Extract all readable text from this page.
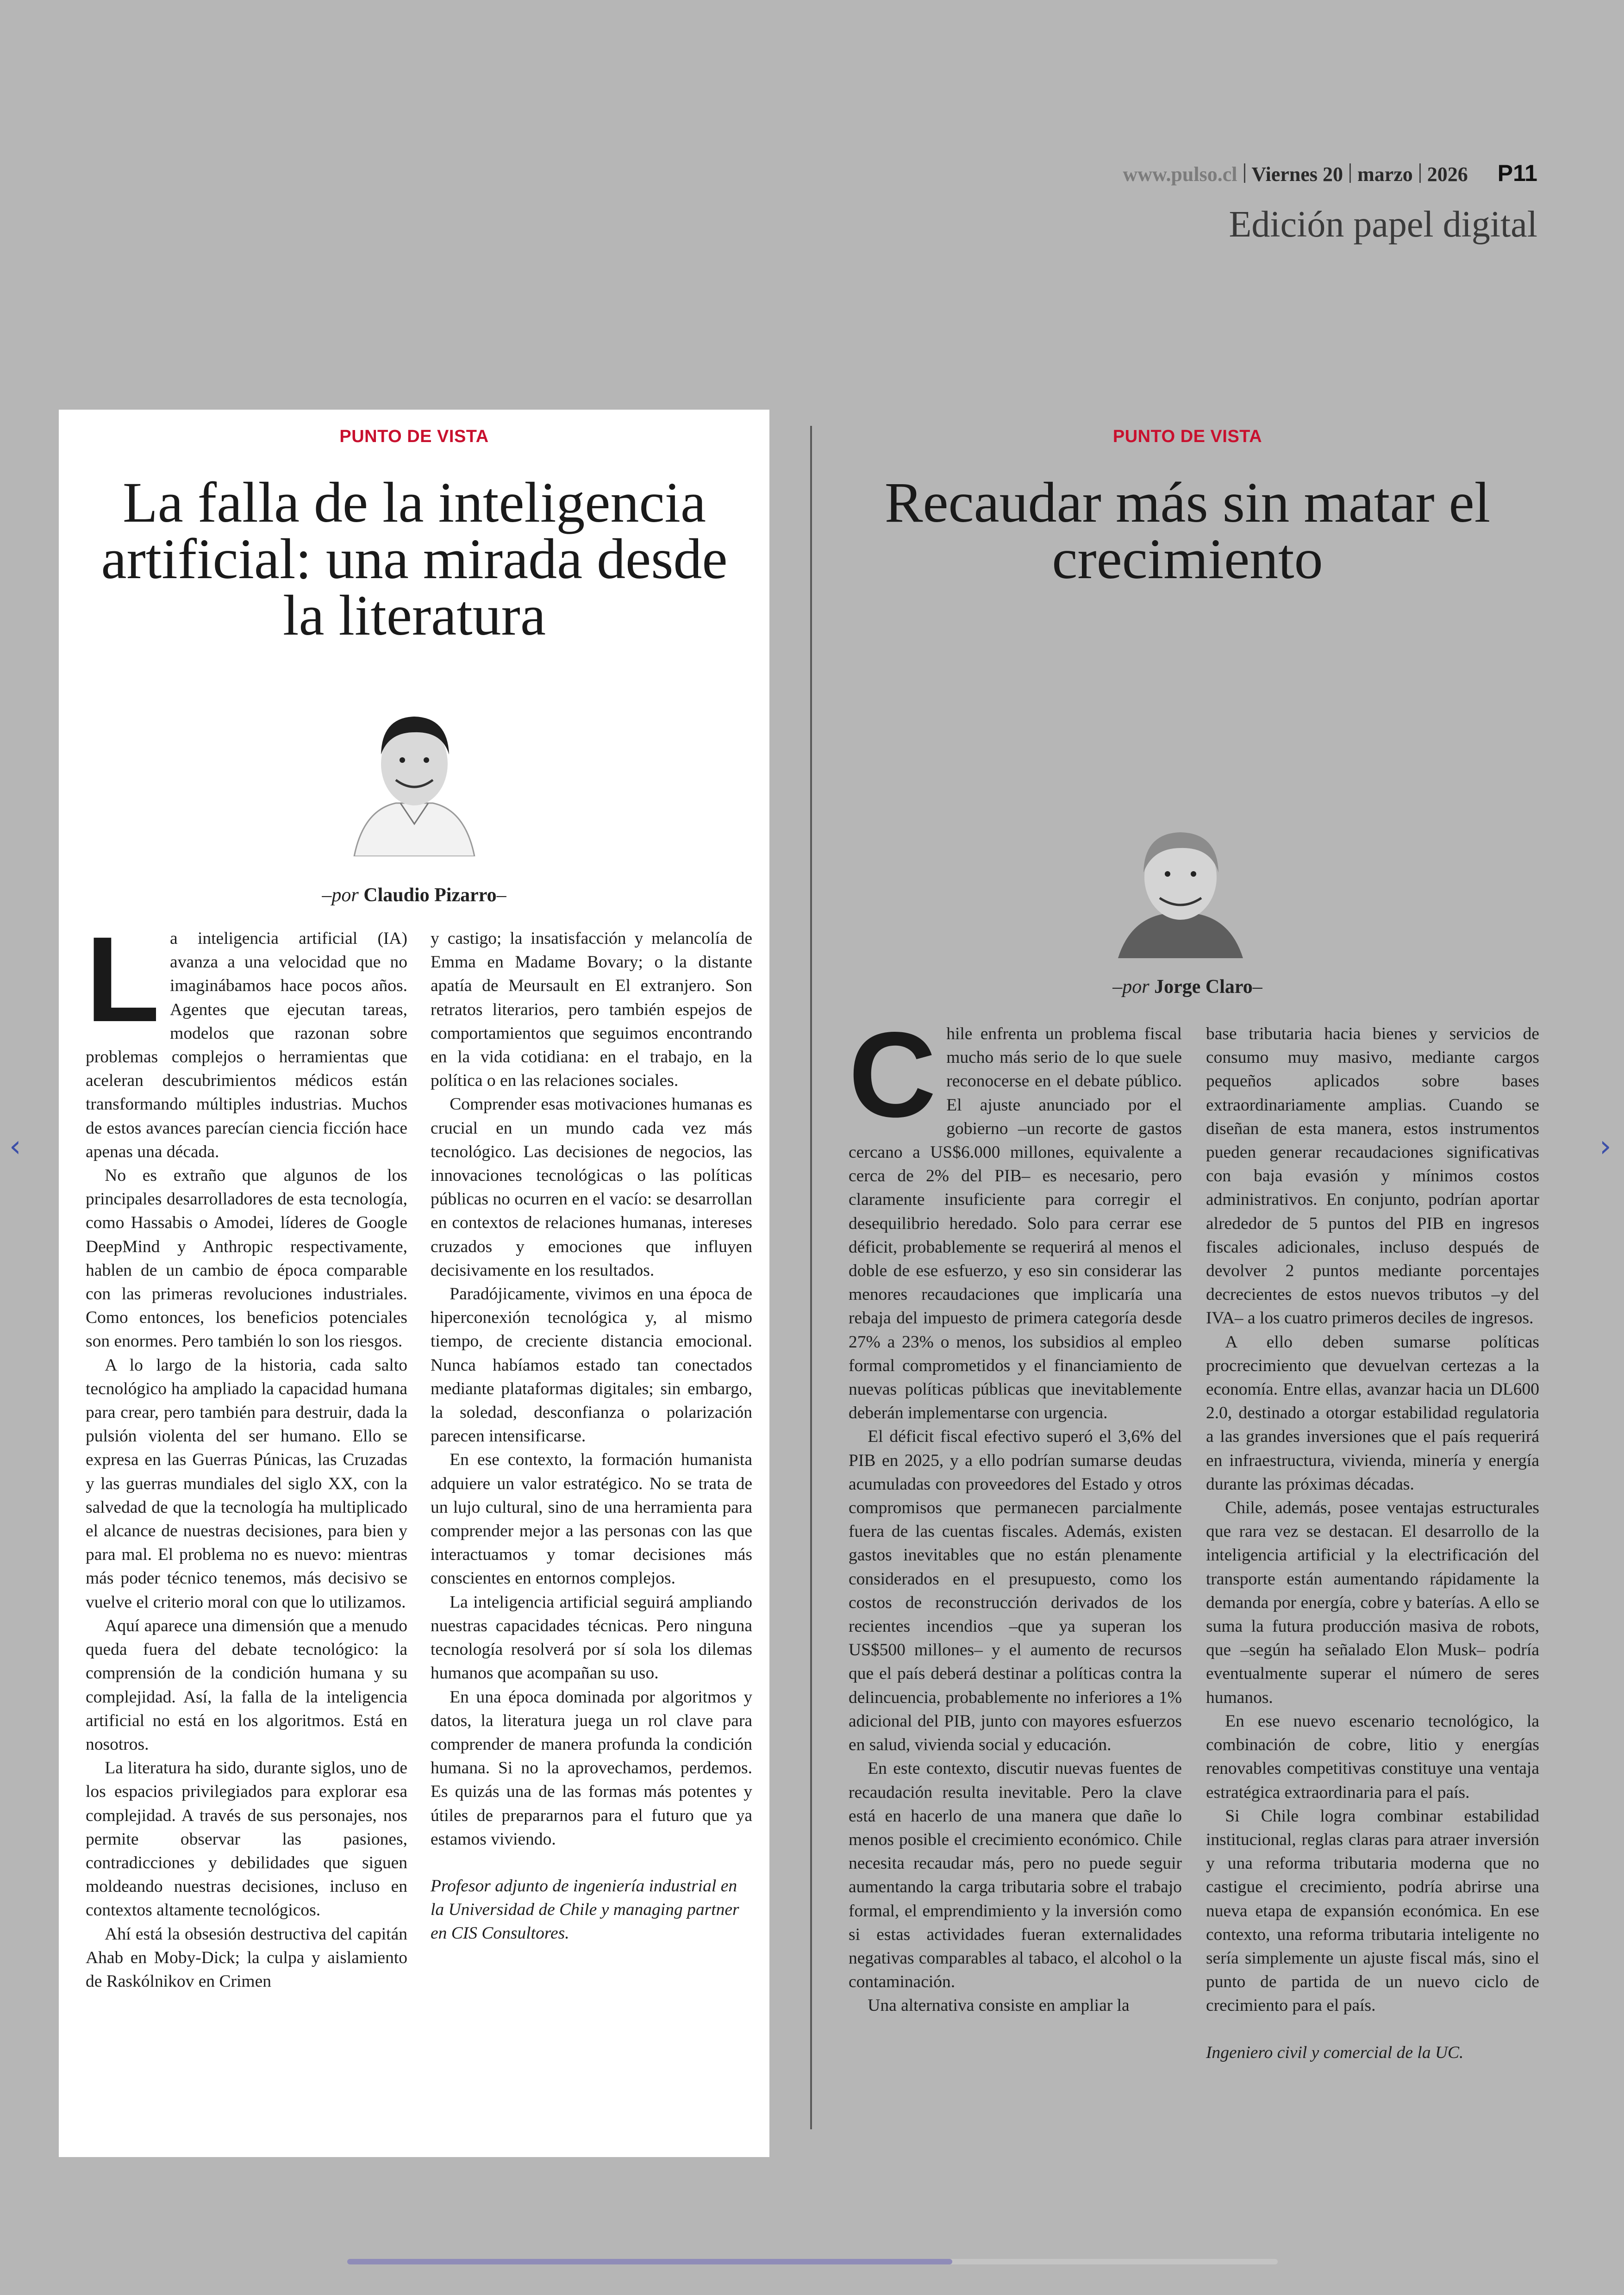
www.pulso.cl Viernes 20 marzo 2026 P11
Edición papel digital
PUNTO DE VISTA
La falla de la inteligencia artificial: una mirada desde la literatura
–por Claudio Pizarro–
L a inteligencia artificial (IA) avanza a una velocidad que no imaginábamos hace pocos años. Agentes que ejecutan tareas, modelos que razonan sobre problemas complejos o herramientas que aceleran descubrimientos médicos están transformando múltiples industrias. Muchos de estos avances parecían ciencia ficción hace apenas una década.

No es extraño que algunos de los principales desarrolladores de esta tecnología, como Hassabis o Amodei, líderes de Google DeepMind y Anthropic respectivamente, hablen de un cambio de época comparable con las primeras revoluciones industriales. Como entonces, los beneficios potenciales son enormes. Pero también lo son los riesgos.

A lo largo de la historia, cada salto tecnológico ha ampliado la capacidad humana para crear, pero también para destruir, dada la pulsión violenta del ser humano. Ello se expresa en las Guerras Púnicas, las Cruzadas y las guerras mundiales del siglo XX, con la salvedad de que la tecnología ha multiplicado el alcance de nuestras decisiones, para bien y para mal. El problema no es nuevo: mientras más poder técnico tenemos, más decisivo se vuelve el criterio moral con que lo utilizamos.

Aquí aparece una dimensión que a menudo queda fuera del debate tecnológico: la comprensión de la condición humana y su complejidad. Así, la falla de la inteligencia artificial no está en los algoritmos. Está en nosotros.

La literatura ha sido, durante siglos, uno de los espacios privilegiados para explorar esa complejidad. A través de sus personajes, nos permite observar las pasiones, contradicciones y debilidades que siguen moldeando nuestras decisiones, incluso en contextos altamente tecnológicos.

Ahí está la obsesión destructiva del capitán Ahab en Moby-Dick; la culpa y aislamiento de Raskólnikov en Crimen

y castigo; la insatisfacción y melancolía de Emma en Madame Bovary; o la distante apatía de Meursault en El extranjero. Son retratos literarios, pero también espejos de comportamientos que seguimos encontrando en la vida cotidiana: en el trabajo, en la política o en las relaciones sociales.

Comprender esas motivaciones humanas es crucial en un mundo cada vez más tecnológico. Las decisiones de negocios, las innovaciones tecnológicas o las políticas públicas no ocurren en el vacío: se desarrollan en contextos de relaciones humanas, intereses cruzados y emociones que influyen decisivamente en los resultados.

Paradójicamente, vivimos en una época de hiperconexión tecnológica y, al mismo tiempo, de creciente distancia emocional. Nunca habíamos estado tan conectados mediante plataformas digitales; sin embargo, la soledad, desconfianza o polarización parecen intensificarse.

En ese contexto, la formación humanista adquiere un valor estratégico. No se trata de un lujo cultural, sino de una herramienta para comprender mejor a las personas con las que interactuamos y tomar decisiones más conscientes en entornos complejos.

La inteligencia artificial seguirá ampliando nuestras capacidades técnicas. Pero ninguna tecnología resolverá por sí sola los dilemas humanos que acompañan su uso.

En una época dominada por algoritmos y datos, la literatura juega un rol clave para comprender de manera profunda la condición humana. Si no la aprovechamos, perdemos. Es quizás una de las formas más potentes y útiles de prepararnos para el futuro que ya estamos viviendo.

Profesor adjunto de ingeniería industrial en la Universidad de Chile y managing partner en CIS Consultores.

PUNTO DE VISTA
Recaudar más sin matar el crecimiento
–por Jorge Claro–
C hile enfrenta un problema fiscal mucho más serio de lo que suele reconocerse en el debate público. El ajuste anunciado por el gobierno –un recorte de gastos cercano a US$6.000 millones, equivalente a cerca de 2% del PIB– es necesario, pero claramente insuficiente para corregir el desequilibrio heredado. Solo para cerrar ese déficit, probablemente se requerirá al menos el doble de ese esfuerzo, y eso sin considerar las menores recaudaciones que implicaría una rebaja del impuesto de primera categoría desde 27% a 23% o menos, los subsidios al empleo formal comprometidos y el financiamiento de nuevas políticas públicas que inevitablemente deberán implementarse con urgencia.

El déficit fiscal efectivo superó el 3,6% del PIB en 2025, y a ello podrían sumarse deudas acumuladas con proveedores del Estado y otros compromisos que permanecen parcialmente fuera de las cuentas fiscales. Además, existen gastos inevitables que no están plenamente considerados en el presupuesto, como los costos de reconstrucción derivados de los recientes incendios –que ya superan los US$500 millones– y el aumento de recursos que el país deberá destinar a políticas contra la delincuencia, probablemente no inferiores a 1% adicional del PIB, junto con mayores esfuerzos en salud, vivienda social y educación.

En este contexto, discutir nuevas fuentes de recaudación resulta inevitable. Pero la clave está en hacerlo de una manera que dañe lo menos posible el crecimiento económico. Chile necesita recaudar más, pero no puede seguir aumentando la carga tributaria sobre el trabajo formal, el emprendimiento y la inversión como si estas actividades fueran externalidades negativas comparables al tabaco, el alcohol o la contaminación.

Una alternativa consiste en ampliar la

base tributaria hacia bienes y servicios de consumo muy masivo, mediante cargos pequeños aplicados sobre bases extraordinariamente amplias. Cuando se diseñan de esta manera, estos instrumentos pueden generar recaudaciones significativas con baja evasión y mínimos costos administrativos. En conjunto, podrían aportar alrededor de 5 puntos del PIB en ingresos fiscales adicionales, incluso después de devolver 2 puntos mediante porcentajes decrecientes de estos nuevos tributos –y del IVA– a los cuatro primeros deciles de ingresos.

A ello deben sumarse políticas procrecimiento que devuelvan certezas a la economía. Entre ellas, avanzar hacia un DL600 2.0, destinado a otorgar estabilidad regulatoria a las grandes inversiones que el país requerirá en infraestructura, vivienda, minería y energía durante las próximas décadas.

Chile, además, posee ventajas estructurales que rara vez se destacan. El desarrollo de la inteligencia artificial y la electrificación del transporte están aumentando rápidamente la demanda por energía, cobre y baterías. A ello se suma la futura producción masiva de robots, que –según ha señalado Elon Musk– podría eventualmente superar el número de seres humanos.

En ese nuevo escenario tecnológico, la combinación de cobre, litio y energías renovables competitivas constituye una ventaja estratégica extraordinaria para el país.

Si Chile logra combinar estabilidad institucional, reglas claras para atraer inversión y una reforma tributaria moderna que no castigue el crecimiento, podría abrirse una nueva etapa de expansión económica. En ese contexto, una reforma tributaria inteligente no sería simplemente un ajuste fiscal más, sino el punto de partida de un nuevo ciclo de crecimiento para el país.

Ingeniero civil y comercial de la UC.

‹	›
